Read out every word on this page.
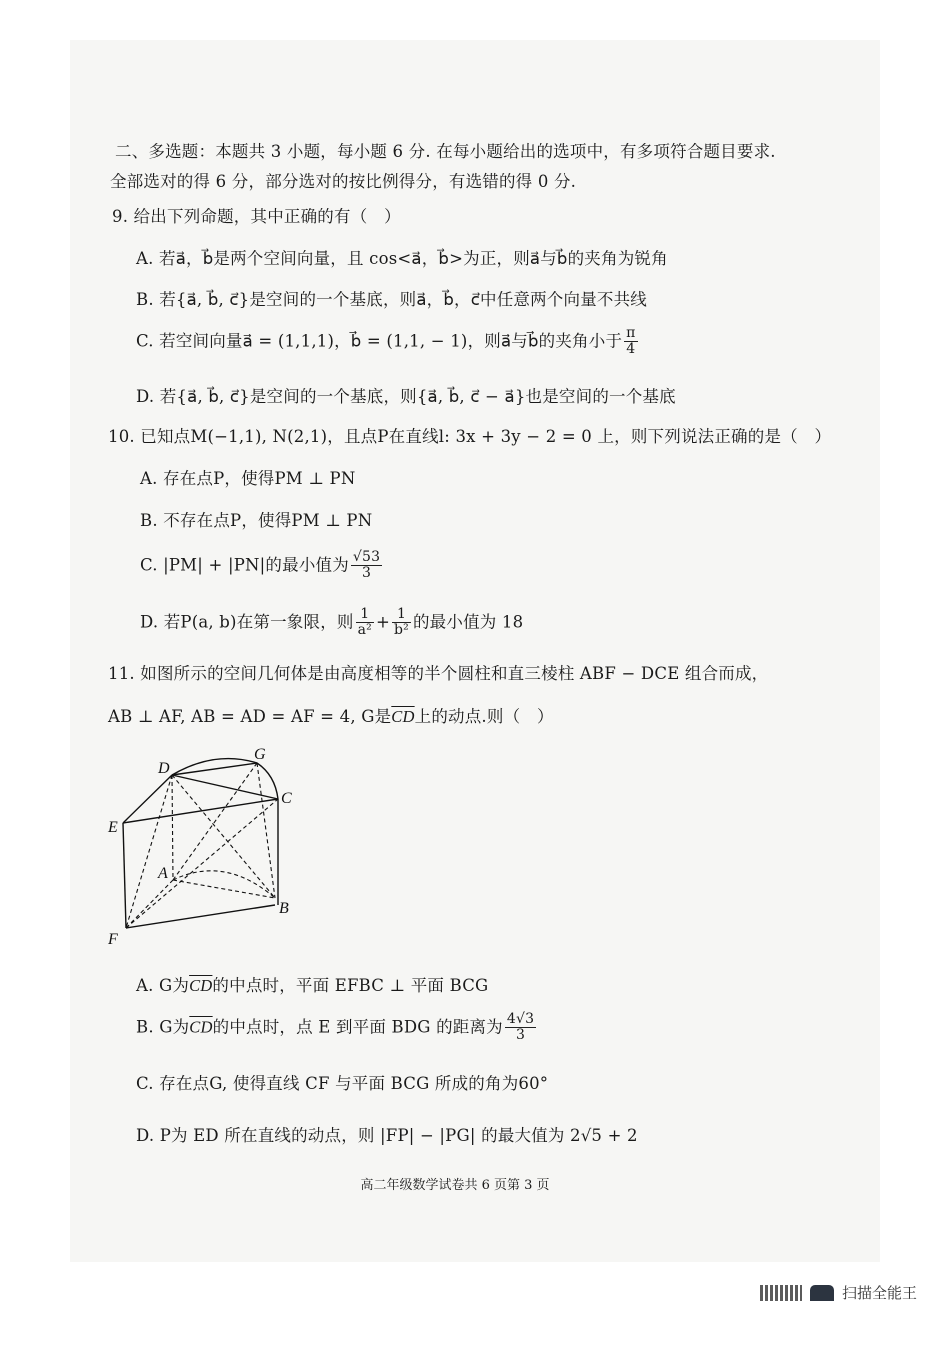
二、多选题：本题共 3 小题，每小题 6 分. 在每小题给出的选项中，有多项符合题目要求.
全部选对的得 6 分，部分选对的按比例得分，有选错的得 0 分.
9. 给出下列命题，其中正确的有（　）
A. 若a⃗，b⃗是两个空间向量，且 cos<a⃗，b⃗>为正，则a⃗与b⃗的夹角为锐角
B. 若{a⃗, b⃗, c⃗}是空间的一个基底，则a⃗，b⃗，c⃗中任意两个向量不共线
C. 若空间向量a⃗ = (1,1,1)，b⃗ = (1,1, − 1)，则a⃗与b⃗的夹角小于 $\frac{\pi}{4}$
D. 若{a⃗, b⃗, c⃗}是空间的一个基底，则{a⃗, b⃗, c⃗ − a⃗}也是空间的一个基底
10. 已知点M(−1,1), N(2,1)，且点P在直线l: 3x + 3y − 2 = 0 上，则下列说法正确的是（　）
A. 存在点P，使得PM ⊥ PN
B. 不存在点P，使得PM ⊥ PN
C. |PM| + |PN|的最小值为 $\frac{√53}{3}$
D. 若P(a, b)在第一象限，则 $\frac{1}{\text{a²}} + \frac{1}{\text{b²}}$ 的最小值为 18
11. 如图所示的空间几何体是由高度相等的半个圆柱和直三棱柱 ABF − DCE 组合而成，
AB ⊥ AF, AB = AD = AF = 4, G是$\overline{CD}$上的动点.则（　）
D
G
C
E
A
B
F
A. G为$\overline{CD}$的中点时，平面 EFBC ⊥ 平面 BCG
B. G为$\overline{CD}$的中点时，点 E 到平面 BDG 的距离为 $\frac{4√3}{3}$
C. 存在点G, 使得直线 CF 与平面 BCG 所成的角为60°
D. P为 ED 所在直线的动点，则 |FP| − |PG| 的最大值为 2√5 + 2
高二年级数学试卷共 6 页第 3 页
扫描全能王
